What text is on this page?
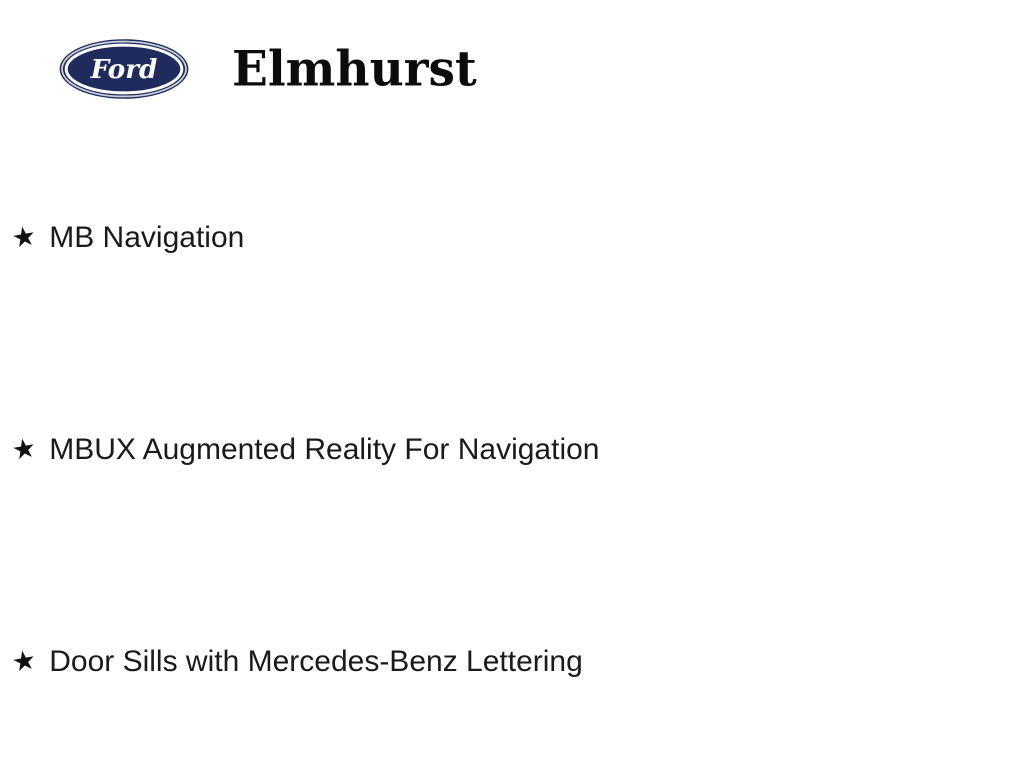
Ford Elmhurst
★ MB Navigation
★ MBUX Augmented Reality For Navigation
★ Door Sills with Mercedes-Benz Lettering
